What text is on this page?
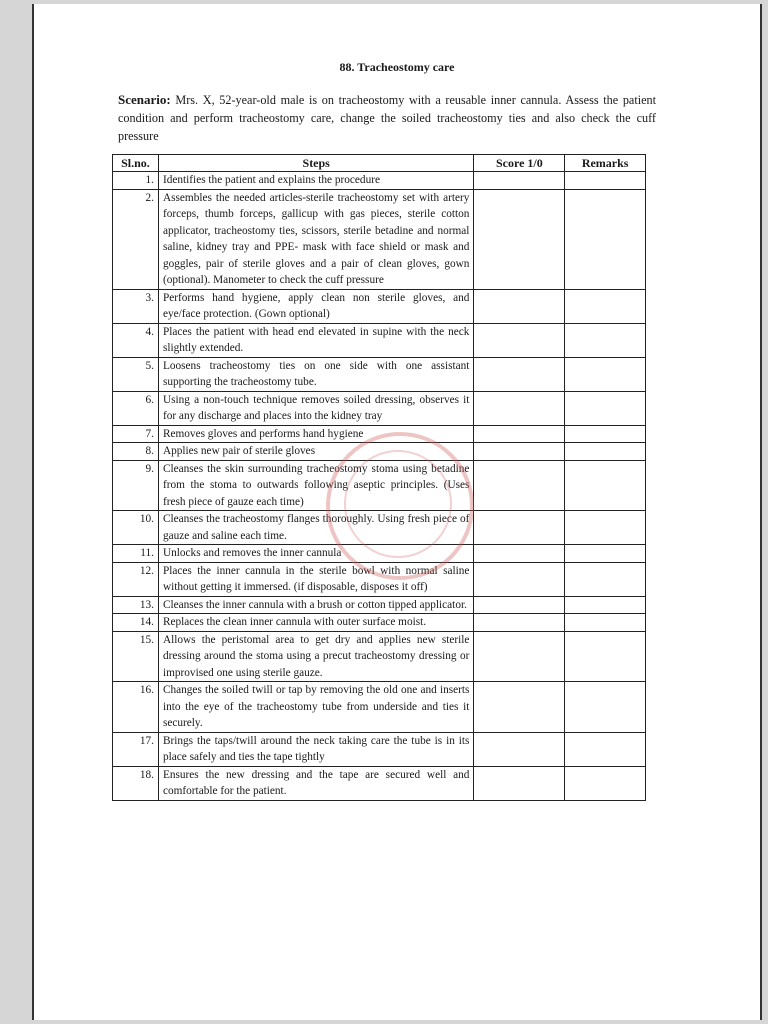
88. Tracheostomy care
Scenario: Mrs. X, 52-year-old male is on tracheostomy with a reusable inner cannula. Assess the patient condition and perform tracheostomy care, change the soiled tracheostomy ties and also check the cuff pressure
Sl.no.	Steps	Score 1/0	Remarks
1.	Identifies the patient and explains the procedure		
2.	Assembles the needed articles-sterile tracheostomy set with artery forceps, thumb forceps, gallicup with gas pieces, sterile cotton applicator, tracheostomy ties, scissors, sterile betadine and normal saline, kidney tray and PPE- mask with face shield or mask and goggles, pair of sterile gloves and a pair of clean gloves, gown (optional). Manometer to check the cuff pressure		
3.	Performs hand hygiene, apply clean non sterile gloves, and eye/face protection. (Gown optional)		
4.	Places the patient with head end elevated in supine with the neck slightly extended.		
5.	Loosens tracheostomy ties on one side with one assistant supporting the tracheostomy tube.		
6.	Using a non-touch technique removes soiled dressing, observes it for any discharge and places into the kidney tray		
7.	Removes gloves and performs hand hygiene		
8.	Applies new pair of sterile gloves		
9.	Cleanses the skin surrounding tracheostomy stoma using betadine from the stoma to outwards following aseptic principles. (Uses fresh piece of gauze each time)		
10.	Cleanses the tracheostomy flanges thoroughly. Using fresh piece of gauze and saline each time.		
11.	Unlocks and removes the inner cannula		
12.	Places the inner cannula in the sterile bowl with normal saline without getting it immersed. (if disposable, disposes it off)		
13.	Cleanses the inner cannula with a brush or cotton tipped applicator.		
14.	Replaces the clean inner cannula with outer surface moist.		
15.	Allows the peristomal area to get dry and applies new sterile dressing around the stoma using a precut tracheostomy dressing or improvised one using sterile gauze.		
16.	Changes the soiled twill or tap by removing the old one and inserts into the eye of the tracheostomy tube from underside and ties it securely.		
17.	Brings the taps/twill around the neck taking care the tube is in its place safely and ties the tape tightly		
18.	Ensures the new dressing and the tape are secured well and comfortable for the patient.		
